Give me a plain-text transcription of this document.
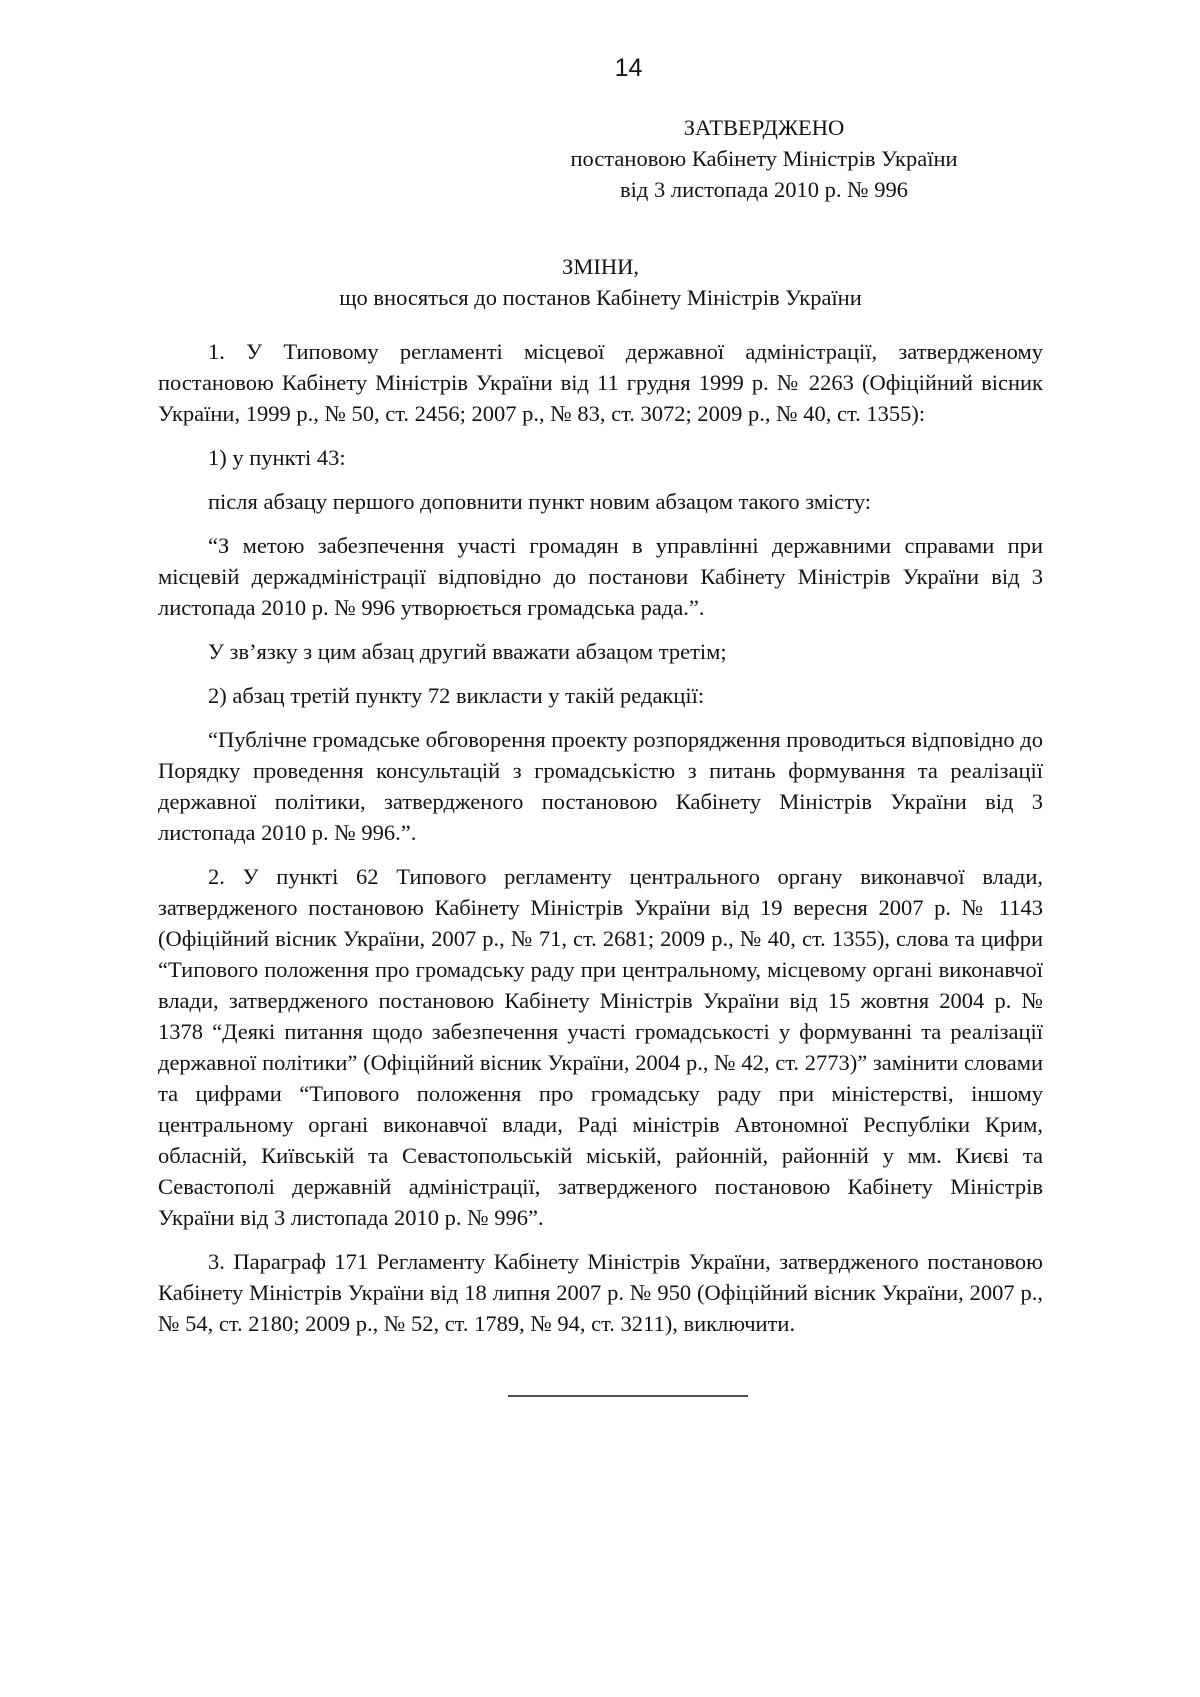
14
ЗАТВЕРДЖЕНО
постановою Кабінету Міністрів України
від 3 листопада 2010 р. № 996
ЗМІНИ,
що вносяться до постанов Кабінету Міністрів України

1. У Типовому регламенті місцевої державної адміністрації, затвердженому постановою Кабінету Міністрів України від 11 грудня 1999 р. № 2263 (Офіційний вісник України, 1999 р., № 50, ст. 2456; 2007 р., № 83, ст. 3072; 2009 р., № 40, ст. 1355):

1) у пункті 43:

після абзацу першого доповнити пункт новим абзацом такого змісту:

“З метою забезпечення участі громадян в управлінні державними справами при місцевій держадміністрації відповідно до постанови Кабінету Міністрів України від 3 листопада 2010 р. № 996 утворюється громадська рада.”.

У зв’язку з цим абзац другий вважати абзацом третім;

2) абзац третій пункту 72 викласти у такій редакції:

“Публічне громадське обговорення проекту розпорядження проводиться відповідно до Порядку проведення консультацій з громадськістю з питань формування та реалізації державної політики, затвердженого постановою Кабінету Міністрів України від 3 листопада 2010 р. № 996.”.

2. У пункті 62 Типового регламенту центрального органу виконавчої влади, затвердженого постановою Кабінету Міністрів України від 19 вересня 2007 р. № 1143 (Офіційний вісник України, 2007 р., № 71, ст. 2681; 2009 р., № 40, ст. 1355), слова та цифри “Типового положення про громадську раду при центральному, місцевому органі виконавчої влади, затвердженого постановою Кабінету Міністрів України від 15 жовтня 2004 р. № 1378 “Деякі питання щодо забезпечення участі громадськості у формуванні та реалізації державної політики” (Офіційний вісник України, 2004 р., № 42, ст. 2773)” замінити словами та цифрами “Типового положення про громадську раду при міністерстві, іншому центральному органі виконавчої влади, Раді міністрів Автономної Республіки Крим, обласній, Київській та Севастопольській міській, районній, районній у мм. Києві та Севастополі державній адміністрації, затвердженого постановою Кабінету Міністрів України від 3 листопада 2010 р. № 996”.

3. Параграф 171 Регламенту Кабінету Міністрів України, затвердженого постановою Кабінету Міністрів України від 18 липня 2007 р. № 950 (Офіційний вісник України, 2007 р., № 54, ст. 2180; 2009 р., № 52, ст. 1789, № 94, ст. 3211), виключити.
